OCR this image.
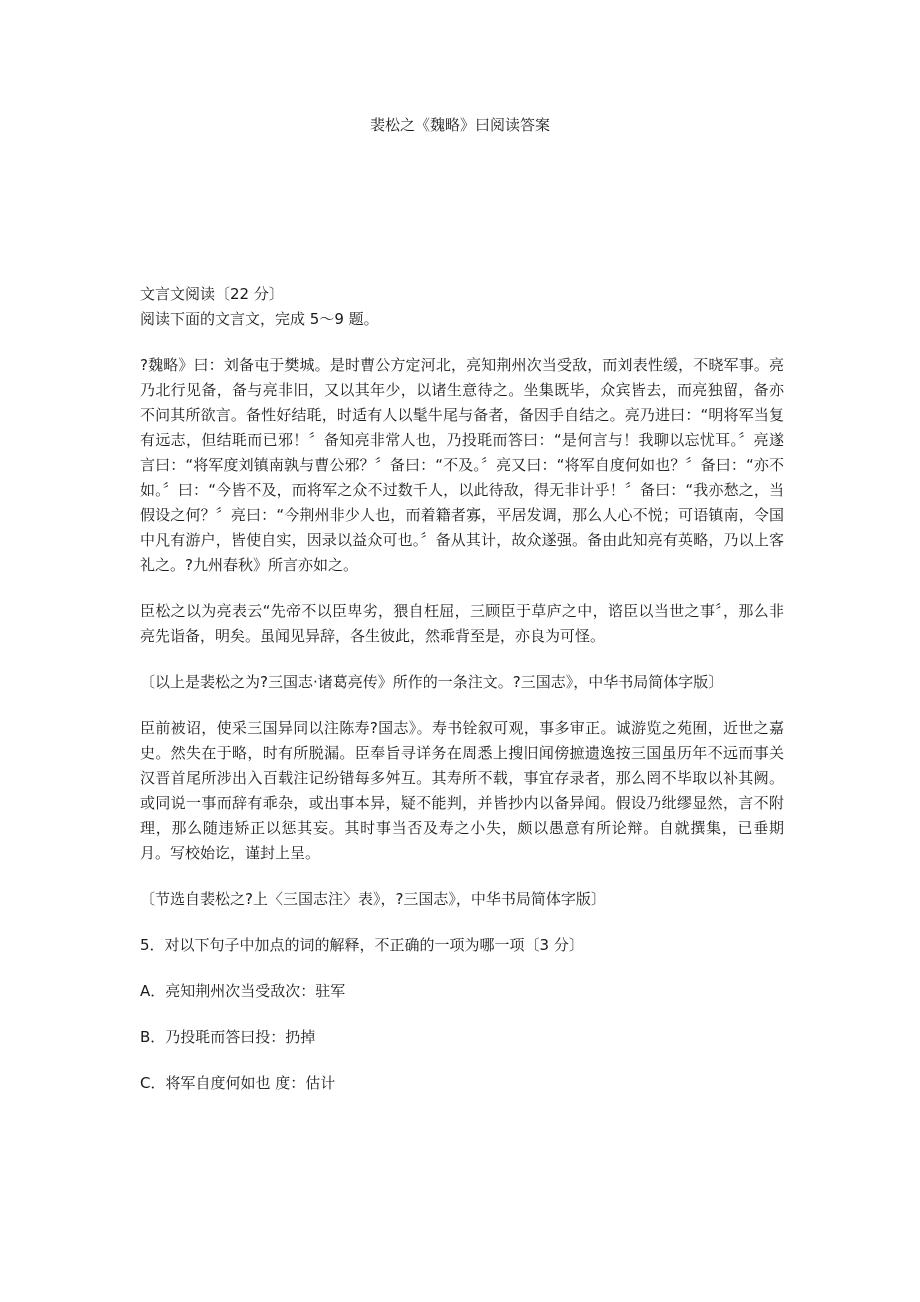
裴松之《魏略》曰阅读答案

文言文阅读〔22 分〕

阅读下面的文言文，完成 5～9 题。

?魏略》曰：刘备屯于樊城。是时曹公方定河北，亮知荆州次当受敌，而刘表性缓，不晓军事。亮乃北行见备，备与亮非旧，又以其年少，以诸生意待之。坐集既毕，众宾皆去，而亮独留，备亦不问其所欲言。备性好结毦，时适有人以髦牛尾与备者，备因手自结之。亮乃进曰：“明将军当复有远志，但结毦而已邪！〞备知亮非常人也，乃投毦而答曰：“是何言与！我聊以忘忧耳。〞亮遂言曰：“将军度刘镇南孰与曹公邪？〞备曰：“不及。〞亮又曰：“将军自度何如也？〞备曰：“亦不如。〞曰：“今皆不及，而将军之众不过数千人，以此待敌，得无非计乎！〞备曰：“我亦愁之，当假设之何？〞亮曰：“今荆州非少人也，而着籍者寡，平居发调，那么人心不悦；可语镇南，令国中凡有游户，皆使自实，因录以益众可也。〞备从其计，故众遂强。备由此知亮有英略，乃以上客礼之。?九州春秋》所言亦如之。

臣松之以为亮表云“先帝不以臣卑劣，猥自枉屈，三顾臣于草庐之中，谘臣以当世之事〞，那么非亮先诣备，明矣。虽闻见异辞，各生彼此，然乖背至是，亦良为可怪。

〔以上是裴松之为?三国志·诸葛亮传》所作的一条注文。?三国志》，中华书局简体字版〕

臣前被诏，使采三国异同以注陈寿?国志》。寿书铨叙可观，事多审正。诚游览之苑囿，近世之嘉史。然失在于略，时有所脱漏。臣奉旨寻详务在周悉上搜旧闻傍摭遗逸按三国虽历年不远而事关汉晋首尾所涉出入百载注记纷错每多舛互。其寿所不载，事宜存录者，那么罔不毕取以补其阙。或同说一事而辞有乖杂，或出事本异，疑不能判，并皆抄内以备异闻。假设乃纰缪显然，言不附理，那么随违矫正以惩其妄。其时事当否及寿之小失，颇以愚意有所论辩。自就撰集，已垂期月。写校始讫，谨封上呈。

〔节选自裴松之?上〈三国志注〉表》，?三国志》，中华书局简体字版〕

5．对以下句子中加点的词的解释，不正确的一项为哪一项〔3 分〕

A．亮知荆州次当受敌次：驻军

B．乃投毦而答曰投：扔掉

C．将军自度何如也 度：估计
